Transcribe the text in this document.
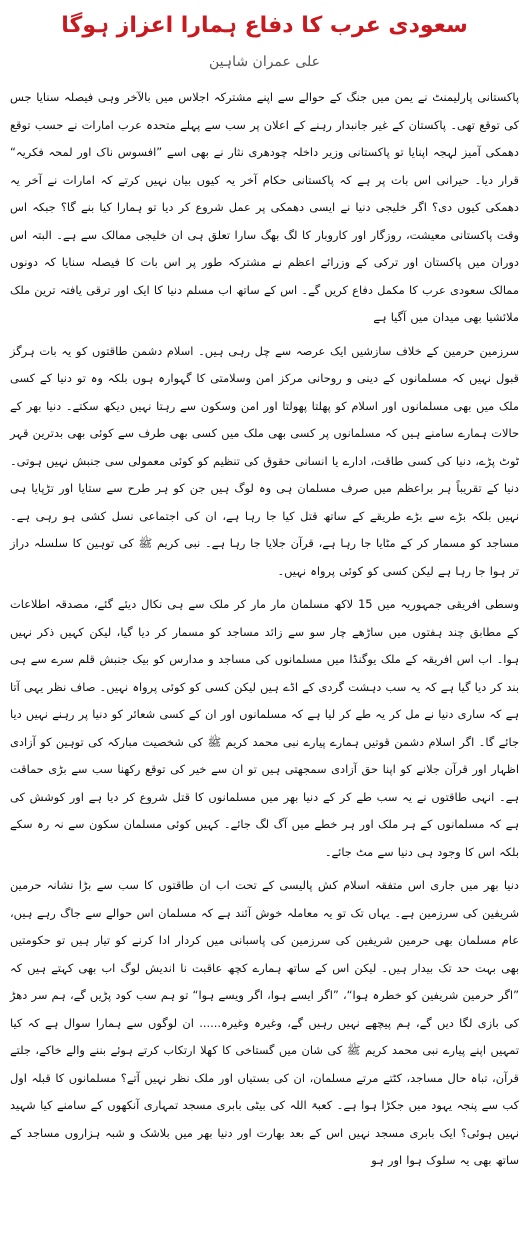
سعودی عرب کا دفاع ہمارا اعزاز ہوگا
علی عمران شاہین

پاکستانی پارلیمنٹ نے یمن میں جنگ کے حوالے سے اپنے مشترکہ اجلاس میں بالآخر وہی فیصلہ سنایا جس کی توقع تھی۔ پاکستان کے غیر جانبدار رہنے کے اعلان پر سب سے پہلے متحدہ عرب امارات نے حسب توقع دھمکی آمیز لہجہ اپنایا تو پاکستانی وزیر داخلہ چودھری نثار نے بھی اسے ”افسوس ناک اور لمحہ فکریہ“ قرار دیا۔ حیرانی اس بات پر ہے کہ پاکستانی حکام آخر یہ کیوں بیان نہیں کرتے کہ امارات نے آخر یہ دھمکی کیوں دی؟ اگر خلیجی دنیا نے ایسی دھمکی پر عمل شروع کر دیا تو ہمارا کیا بنے گا؟ جبکہ اس وقت پاکستانی معیشت، روزگار اور کاروبار کا لگ بھگ سارا تعلق ہی ان خلیجی ممالک سے ہے۔ البتہ اس دوران میں پاکستان اور ترکی کے وزرائے اعظم نے مشترکہ طور پر اس بات کا فیصلہ سنایا کہ دونوں ممالک سعودی عرب کا مکمل دفاع کریں گے۔ اس کے ساتھ اب مسلم دنیا کا ایک اور ترقی یافتہ ترین ملک ملائشیا بھی میدان میں آگیا ہے

سرزمین حرمین کے خلاف سازشیں ایک عرصہ سے چل رہی ہیں۔ اسلام دشمن طاقتوں کو یہ بات ہرگز قبول نہیں کہ مسلمانوں کے دینی و روحانی مرکز امن وسلامتی کا گہوارہ ہوں بلکہ وہ تو دنیا کے کسی ملک میں بھی مسلمانوں اور اسلام کو پھلتا پھولتا اور امن وسکون سے رہتا نہیں دیکھ سکتے۔ دنیا بھر کے حالات ہمارے سامنے ہیں کہ مسلمانوں پر کسی بھی ملک میں کسی بھی طرف سے کوئی بھی بدترین قہر ٹوٹ پڑے، دنیا کی کسی طاقت، ادارے یا انسانی حقوق کی تنظیم کو کوئی معمولی سی جنبش نہیں ہوتی۔ دنیا کے تقریباً ہر براعظم میں صرف مسلمان ہی وہ لوگ ہیں جن کو ہر طرح سے ستایا اور تڑپایا ہی نہیں بلکہ بڑے سے بڑے طریقے کے ساتھ قتل کیا جا رہا ہے، ان کی اجتماعی نسل کشی ہو رہی ہے۔ مساجد کو مسمار کر کے مٹایا جا رہا ہے، قرآن جلایا جا رہا ہے۔ نبی کریم ﷺ کی توہین کا سلسلہ دراز تر ہوا جا رہا ہے لیکن کسی کو کوئی پرواہ نہیں۔

وسطی افریقی جمہوریہ میں 15 لاکھ مسلمان مار مار کر ملک سے ہی نکال دیئے گئے، مصدقہ اطلاعات کے مطابق چند ہفتوں میں ساڑھے چار سو سے زائد مساجد کو مسمار کر دیا گیا، لیکن کہیں ذکر نہیں ہوا۔ اب اس افریقہ کے ملک یوگنڈا میں مسلمانوں کی مساجد و مدارس کو بیک جنبش قلم سرے سے ہی بند کر دیا گیا ہے کہ یہ سب دہشت گردی کے اڈے ہیں لیکن کسی کو کوئی پرواہ نہیں۔ صاف نظر یہی آتا ہے کہ ساری دنیا نے مل کر یہ طے کر لیا ہے کہ مسلمانوں اور ان کے کسی شعائر کو دنیا پر رہنے نہیں دیا جائے گا۔ اگر اسلام دشمن قوتیں ہمارے پیارے نبی محمد کریم ﷺ کی شخصیت مبارکہ کی توہین کو آزادی اظہار اور قرآن جلانے کو اپنا حق آزادی سمجھتی ہیں تو ان سے خیر کی توقع رکھنا سب سے بڑی حماقت ہے۔ انہی طاقتوں نے یہ سب طے کر کے دنیا بھر میں مسلمانوں کا قتل شروع کر دیا ہے اور کوشش کی ہے کہ مسلمانوں کے ہر ملک اور ہر خطے میں آگ لگ جائے۔ کہیں کوئی مسلمان سکون سے نہ رہ سکے بلکہ اس کا وجود ہی دنیا سے مٹ جائے۔

دنیا بھر میں جاری اس متفقہ اسلام کش پالیسی کے تحت اب ان طاقتوں کا سب سے بڑا نشانہ حرمین شریفین کی سرزمین ہے۔ یہاں تک تو یہ معاملہ خوش آئند ہے کہ مسلمان اس حوالے سے جاگ رہے ہیں، عام مسلمان بھی حرمین شریفین کی سرزمین کی پاسبانی میں کردار ادا کرنے کو تیار ہیں تو حکومتیں بھی بہت حد تک بیدار ہیں۔ لیکن اس کے ساتھ ہمارے کچھ عاقبت نا اندیش لوگ اب بھی کہتے ہیں کہ ”اگر حرمین شریفین کو خطرہ ہوا“، ”اگر ایسے ہوا، اگر ویسے ہوا“ تو ہم سب کود پڑیں گے، ہم سر دھڑ کی بازی لگا دیں گے، ہم پیچھے نہیں رہیں گے، وغیرہ وغیرہ...... ان لوگوں سے ہمارا سوال ہے کہ کیا تمہیں اپنے پیارے نبی محمد کریم ﷺ کی شان میں گستاخی کا کھلا ارتکاب کرتے ہوئے بننے والے خاکے، جلتے قرآن، تباہ حال مساجد، کٹتے مرتے مسلمان، ان کی بستیاں اور ملک نظر نہیں آتے؟ مسلمانوں کا قبلہ اول کب سے پنجہ یہود میں جکڑا ہوا ہے۔ کعبۃ اللہ کی بیٹی بابری مسجد تمہاری آنکھوں کے سامنے کیا شہید نہیں ہوئی؟ ایک بابری مسجد نہیں اس کے بعد بھارت اور دنیا بھر میں بلاشک و شبہ ہزاروں مساجد کے ساتھ بھی یہ سلوک ہوا اور ہو
